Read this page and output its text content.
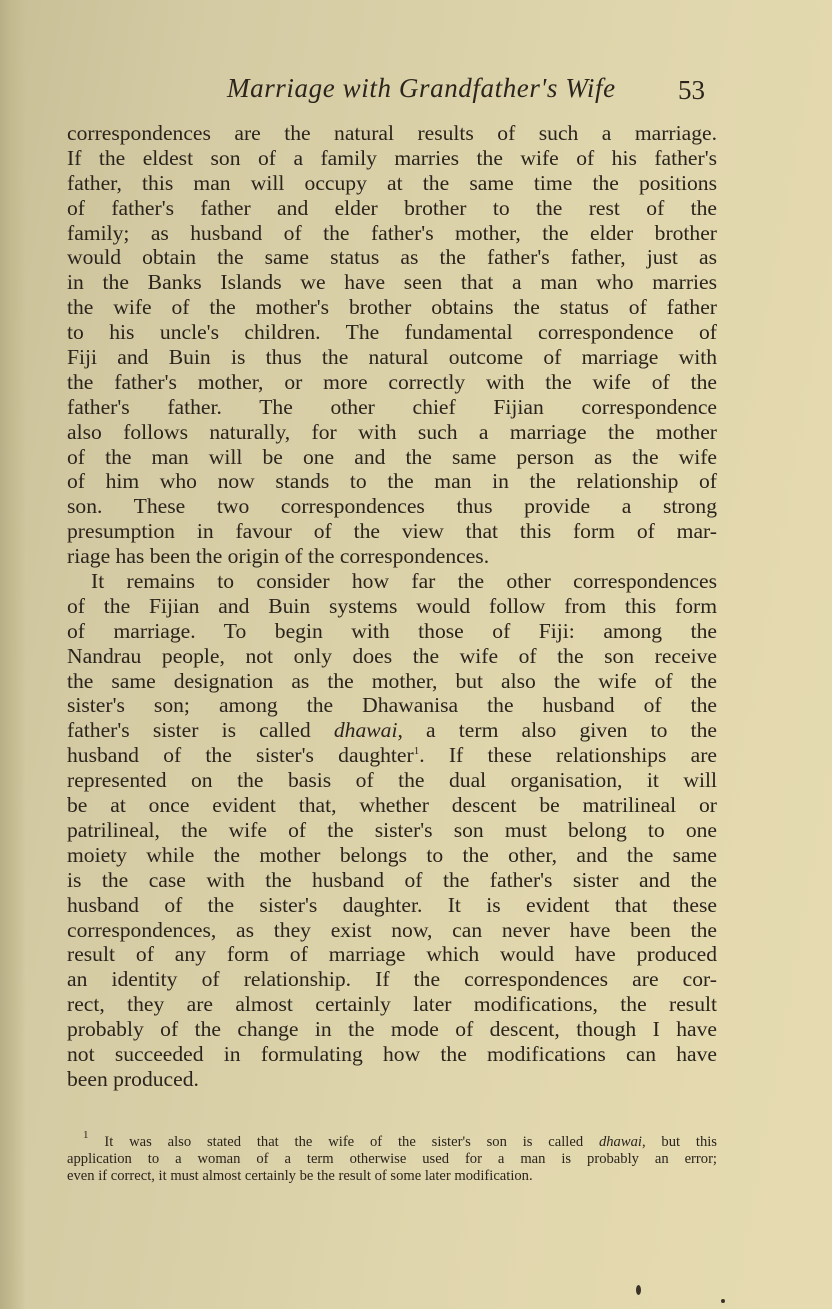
Marriage with Grandfather's Wife 53
correspondences are the natural results of such a marriage.
If the eldest son of a family marries the wife of his father's
father, this man will occupy at the same time the positions
of father's father and elder brother to the rest of the
family; as husband of the father's mother, the elder brother
would obtain the same status as the father's father, just as
in the Banks Islands we have seen that a man who marries
the wife of the mother's brother obtains the status of father
to his uncle's children. The fundamental correspondence of
Fiji and Buin is thus the natural outcome of marriage with
the father's mother, or more correctly with the wife of the
father's father. The other chief Fijian correspondence
also follows naturally, for with such a marriage the mother
of the man will be one and the same person as the wife
of him who now stands to the man in the relationship of
son. These two correspondences thus provide a strong
presumption in favour of the view that this form of mar-
riage has been the origin of the correspondences.
It remains to consider how far the other correspondences
of the Fijian and Buin systems would follow from this form
of marriage. To begin with those of Fiji: among the
Nandrau people, not only does the wife of the son receive
the same designation as the mother, but also the wife of the
sister's son; among the Dhawanisa the husband of the
father's sister is called dhawai, a term also given to the
husband of the sister's daughter$^1$. If these relationships are
represented on the basis of the dual organisation, it will
be at once evident that, whether descent be matrilineal or
patrilineal, the wife of the sister's son must belong to one
moiety while the mother belongs to the other, and the same
is the case with the husband of the father's sister and the
husband of the sister's daughter. It is evident that these
correspondences, as they exist now, can never have been the
result of any form of marriage which would have produced
an identity of relationship. If the correspondences are cor-
rect, they are almost certainly later modifications, the result
probably of the change in the mode of descent, though I have
not succeeded in formulating how the modifications can have
been produced.
$^1$ It was also stated that the wife of the sister's son is called dhawai, but this
application to a woman of a term otherwise used for a man is probably an error;
even if correct, it must almost certainly be the result of some later modification.
